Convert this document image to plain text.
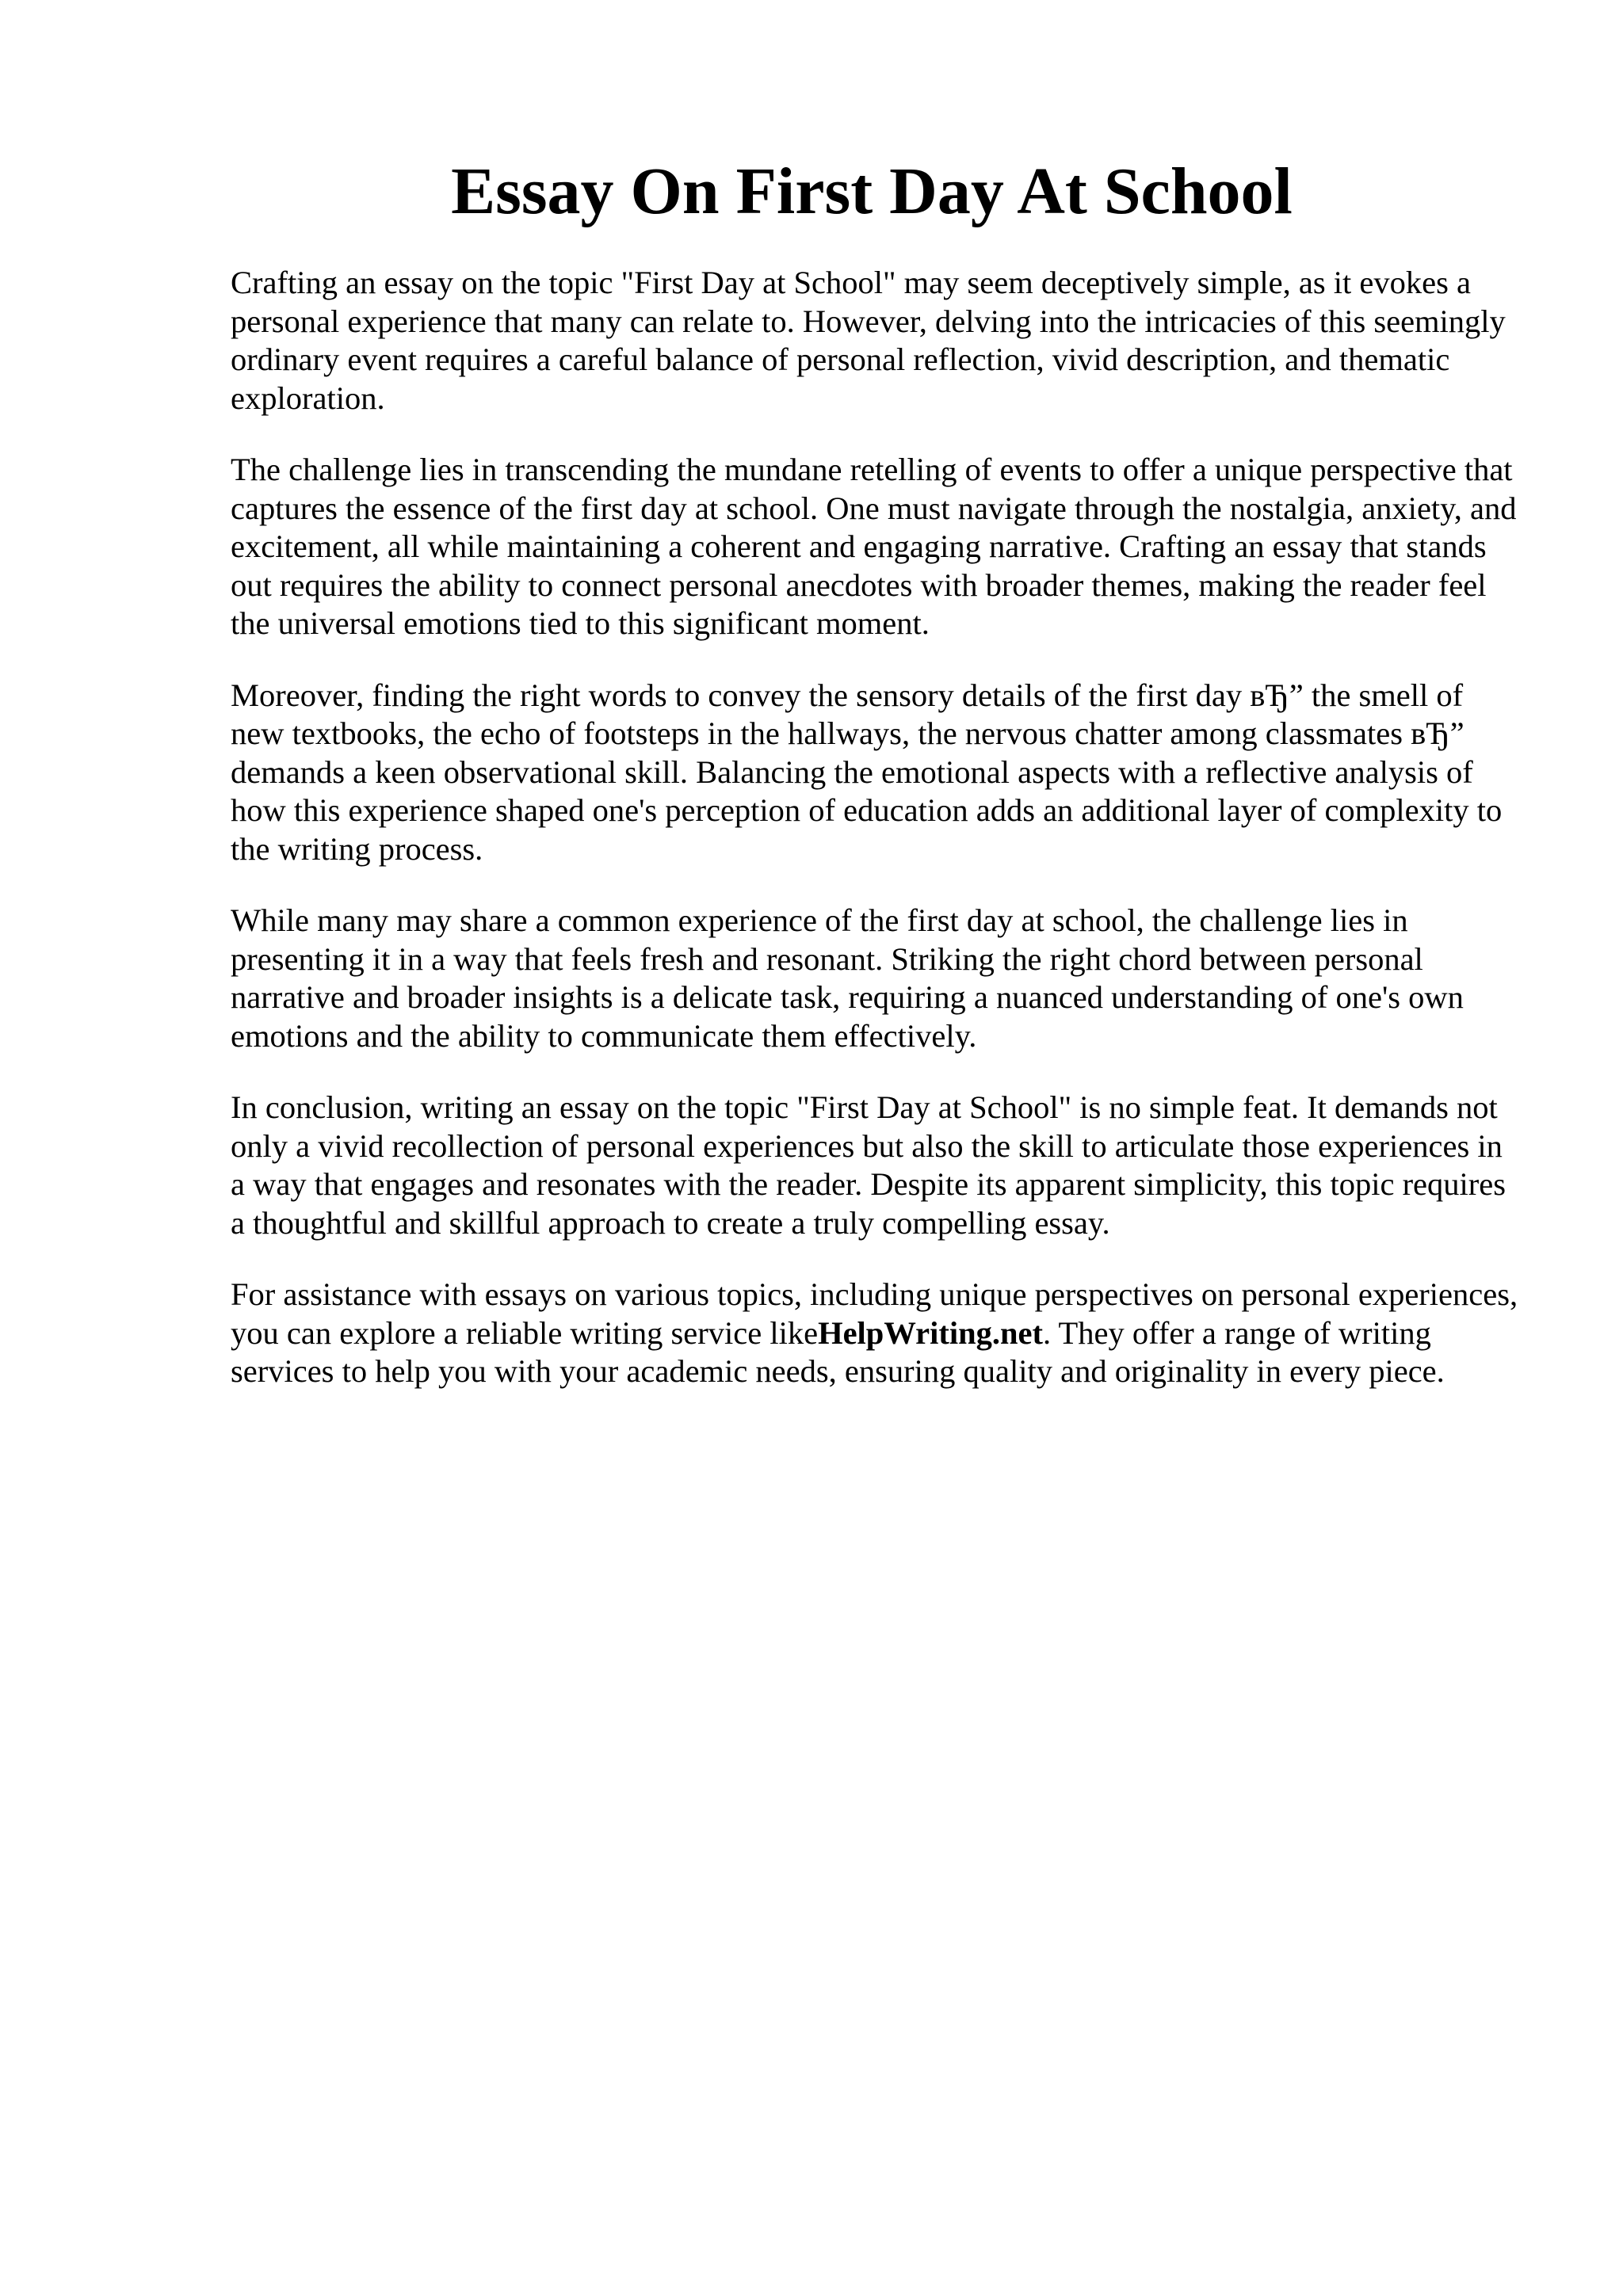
Essay On First Day At School

Crafting an essay on the topic "First Day at School" may seem deceptively simple, as it evokes a personal experience that many can relate to. However, delving into the intricacies of this seemingly ordinary event requires a careful balance of personal reflection, vivid description, and thematic exploration.

The challenge lies in transcending the mundane retelling of events to offer a unique perspective that captures the essence of the first day at school. One must navigate through the nostalgia, anxiety, and excitement, all while maintaining a coherent and engaging narrative. Crafting an essay that stands out requires the ability to connect personal anecdotes with broader themes, making the reader feel the universal emotions tied to this significant moment.

Moreover, finding the right words to convey the sensory details of the first day вЂ” the smell of new textbooks, the echo of footsteps in the hallways, the nervous chatter among classmates вЂ” demands a keen observational skill. Balancing the emotional aspects with a reflective analysis of how this experience shaped one's perception of education adds an additional layer of complexity to the writing process.

While many may share a common experience of the first day at school, the challenge lies in presenting it in a way that feels fresh and resonant. Striking the right chord between personal narrative and broader insights is a delicate task, requiring a nuanced understanding of one's own emotions and the ability to communicate them effectively.

In conclusion, writing an essay on the topic "First Day at School" is no simple feat. It demands not only a vivid recollection of personal experiences but also the skill to articulate those experiences in a way that engages and resonates with the reader. Despite its apparent simplicity, this topic requires a thoughtful and skillful approach to create a truly compelling essay.

For assistance with essays on various topics, including unique perspectives on personal experiences, you can explore a reliable writing service likeHelpWriting.net. They offer a range of writing services to help you with your academic needs, ensuring quality and originality in every piece.
